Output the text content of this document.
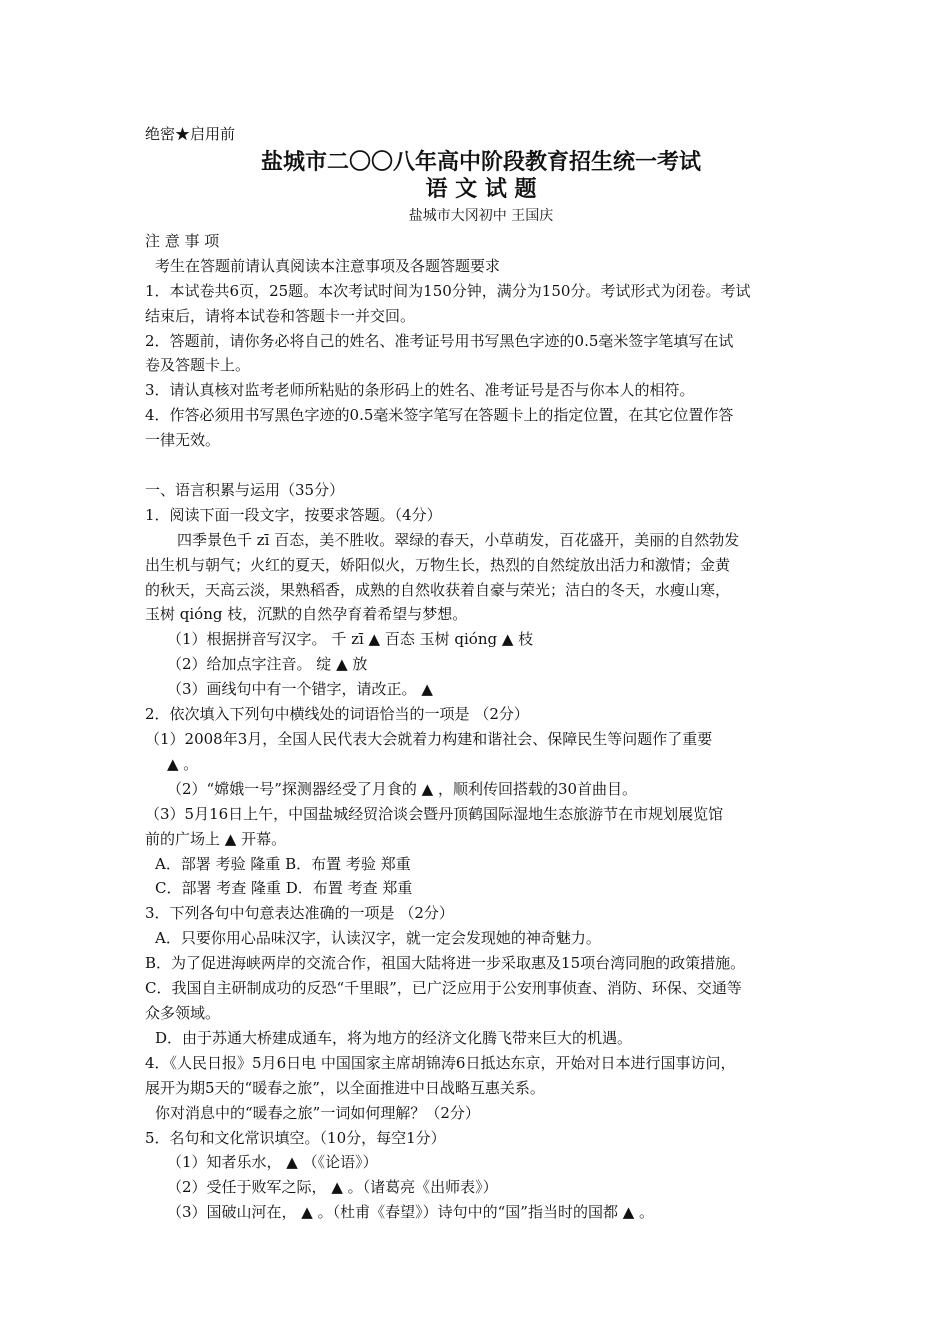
绝密★启用前
盐城市二〇〇八年高中阶段教育招生统一考试
语 文 试 题
盐城市大冈初中 王国庆
注 意 事 项
考生在答题前请认真阅读本注意事项及各题答题要求
1．本试卷共6页，25题。本次考试时间为150分钟，满分为150分。考试形式为闭卷。考试
结束后，请将本试卷和答题卡一并交回。
2．答题前，请你务必将自己的姓名、准考证号用书写黑色字迹的0.5毫米签字笔填写在试
卷及答题卡上。
3．请认真核对监考老师所粘贴的条形码上的姓名、准考证号是否与你本人的相符。
4．作答必须用书写黑色字迹的0.5毫米签字笔写在答题卡上的指定位置，在其它位置作答
一律无效。
一、语言积累与运用（35分）
1．阅读下面一段文字，按要求答题。（4分）
四季景色千 zī 百态，美不胜收。翠绿的春天，小草萌发，百花盛开，美丽的自然勃发
出生机与朝气；火红的夏天，娇阳似火，万物生长，热烈的自然绽放出活力和激情；金黄
的秋天，天高云淡，果熟稻香，成熟的自然收获着自豪与荣光；洁白的冬天，水瘦山寒，
玉树 qióng 枝，沉默的自然孕育着希望与梦想。
（1）根据拼音写汉字。 千 zī ▲ 百态 玉树 qióng ▲ 枝
（2）给加点字注音。 绽 ▲ 放
（3）画线句中有一个错字，请改正。 ▲
2．依次填入下列句中横线处的词语恰当的一项是 （2分）
（1）2008年3月，全国人民代表大会就着力构建和谐社会、保障民生等问题作了重要
▲ 。
（2）“嫦娥一号”探测器经受了月食的 ▲ ，顺利传回搭载的30首曲目。
（3）5月16日上午，中国盐城经贸洽谈会暨丹顶鹤国际湿地生态旅游节在市规划展览馆
前的广场上 ▲ 开幕。
A．部署 考验 隆重 B．布置 考验 郑重
C．部署 考查 隆重 D．布置 考查 郑重
3．下列各句中句意表达准确的一项是 （2分）
A．只要你用心品味汉字，认读汉字，就一定会发现她的神奇魅力。
B．为了促进海峡两岸的交流合作，祖国大陆将进一步采取惠及15项台湾同胞的政策措施。
C．我国自主研制成功的反恐“千里眼”，已广泛应用于公安刑事侦查、消防、环保、交通等
众多领域。
D．由于苏通大桥建成通车，将为地方的经济文化腾飞带来巨大的机遇。
4．《人民日报》5月6日电 中国国家主席胡锦涛6日抵达东京，开始对日本进行国事访问，
展开为期5天的“暖春之旅”，以全面推进中日战略互惠关系。
你对消息中的“暖春之旅”一词如何理解？（2分）
5．名句和文化常识填空。（10分，每空1分）
（1）知者乐水， ▲ （《论语》）
（2）受任于败军之际， ▲ 。（诸葛亮《出师表》）
（3）国破山河在， ▲ 。（杜甫《春望》）诗句中的“国”指当时的国都 ▲ 。
